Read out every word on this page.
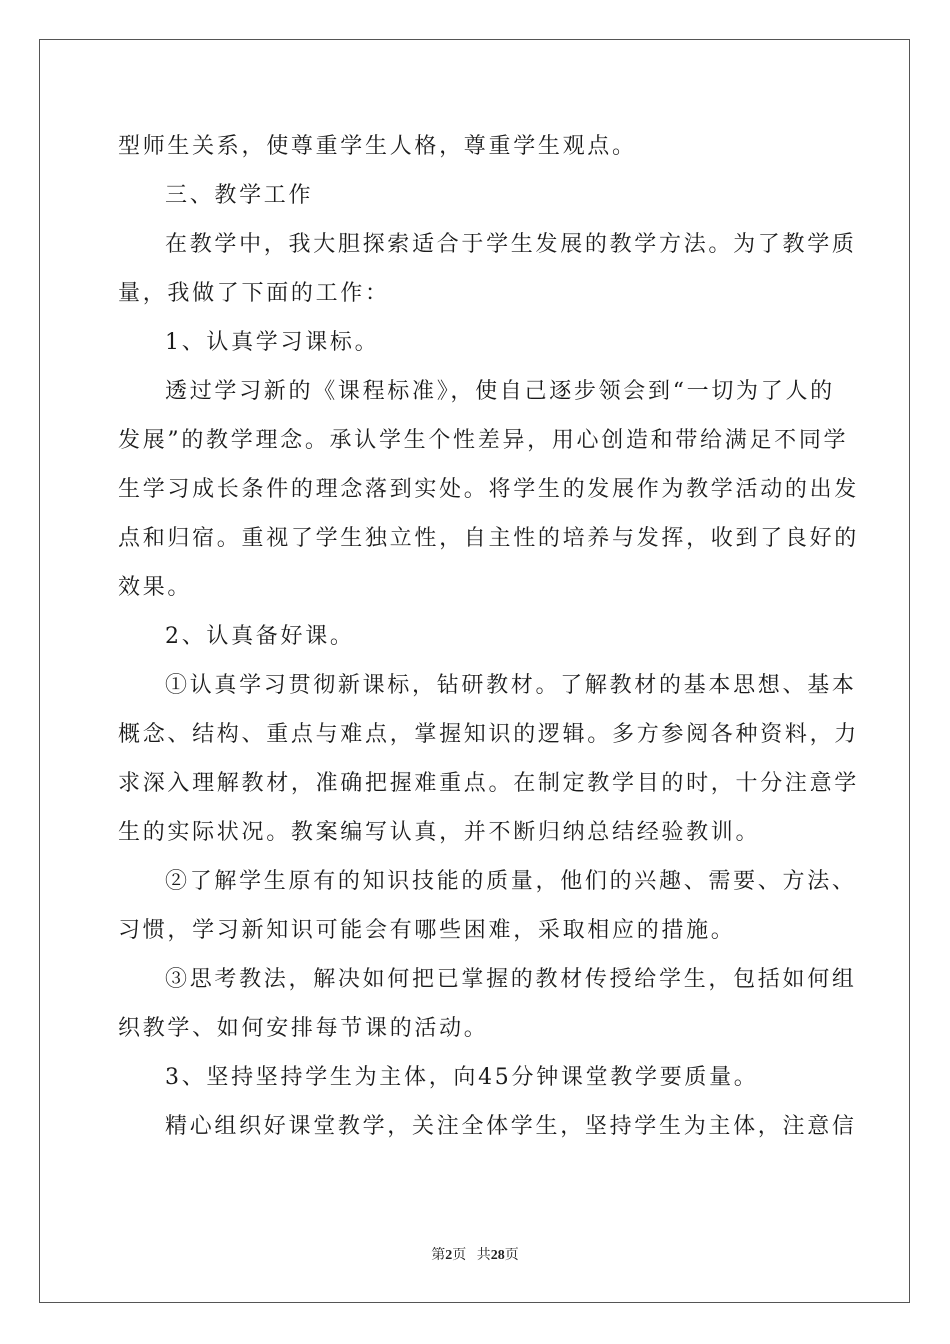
型师生关系，使尊重学生人格，尊重学生观点。
三、教学工作
在教学中，我大胆探索适合于学生发展的教学方法。为了教学质
量，我做了下面的工作：
1、认真学习课标。
透过学习新的《课程标准》，使自己逐步领会到“一切为了人的
发展”的教学理念。承认学生个性差异，用心创造和带给满足不同学
生学习成长条件的理念落到实处。将学生的发展作为教学活动的出发
点和归宿。重视了学生独立性，自主性的培养与发挥，收到了良好的
效果。
2、认真备好课。
①认真学习贯彻新课标，钻研教材。了解教材的基本思想、基本
概念、结构、重点与难点，掌握知识的逻辑。多方参阅各种资料，力
求深入理解教材，准确把握难重点。在制定教学目的时，十分注意学
生的实际状况。教案编写认真，并不断归纳总结经验教训。
②了解学生原有的知识技能的质量，他们的兴趣、需要、方法、
习惯，学习新知识可能会有哪些困难，采取相应的措施。
③思考教法，解决如何把已掌握的教材传授给学生，包括如何组
织教学、如何安排每节课的活动。
3、坚持坚持学生为主体，向45分钟课堂教学要质量。
精心组织好课堂教学，关注全体学生，坚持学生为主体，注意信
第2页 共28页
